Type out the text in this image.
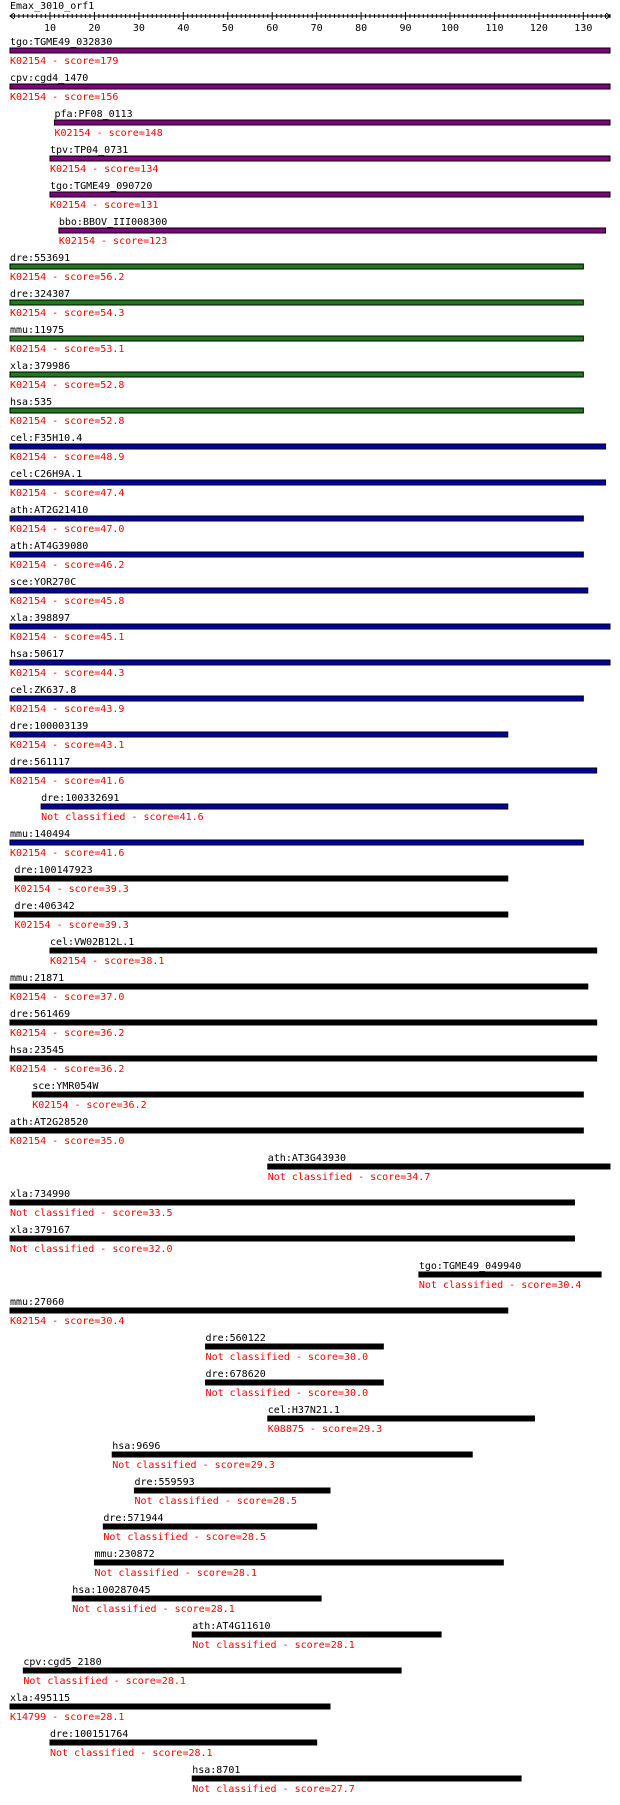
Emax_3010_orf1
10	20	30	40	50	60	70	80	90	100	110	120	130
tgo:TGME49_032830
K02154 - score=179
cpv:cgd4_1470
K02154 - score=156
pfa:PF08_0113
K02154 - score=148
tpv:TP04_0731
K02154 - score=134
tgo:TGME49_090720
K02154 - score=131
bbo:BBOV_III008300
K02154 - score=123
dre:553691
K02154 - score=56.2
dre:324307
K02154 - score=54.3
mmu:11975
K02154 - score=53.1
xla:379986
K02154 - score=52.8
hsa:535
K02154 - score=52.8
cel:F35H10.4
K02154 - score=48.9
cel:C26H9A.1
K02154 - score=47.4
ath:AT2G21410
K02154 - score=47.0
ath:AT4G39080
K02154 - score=46.2
sce:YOR270C
K02154 - score=45.8
xla:398897
K02154 - score=45.1
hsa:50617
K02154 - score=44.3
cel:ZK637.8
K02154 - score=43.9
dre:100003139
K02154 - score=43.1
dre:561117
K02154 - score=41.6
dre:100332691
Not classified - score=41.6
mmu:140494
K02154 - score=41.6
dre:100147923
K02154 - score=39.3
dre:406342
K02154 - score=39.3
cel:VW02B12L.1
K02154 - score=38.1
mmu:21871
K02154 - score=37.0
dre:561469
K02154 - score=36.2
hsa:23545
K02154 - score=36.2
sce:YMR054W
K02154 - score=36.2
ath:AT2G28520
K02154 - score=35.0
ath:AT3G43930
Not classified - score=34.7
xla:734990
Not classified - score=33.5
xla:379167
Not classified - score=32.0
tgo:TGME49_049940
Not classified - score=30.4
mmu:27060
K02154 - score=30.4
dre:560122
Not classified - score=30.0
dre:678620
Not classified - score=30.0
cel:H37N21.1
K08875 - score=29.3
hsa:9696
Not classified - score=29.3
dre:559593
Not classified - score=28.5
dre:571944
Not classified - score=28.5
mmu:230872
Not classified - score=28.1
hsa:100287045
Not classified - score=28.1
ath:AT4G11610
Not classified - score=28.1
cpv:cgd5_2180
Not classified - score=28.1
xla:495115
K14799 - score=28.1
dre:100151764
Not classified - score=28.1
hsa:8701
Not classified - score=27.7
